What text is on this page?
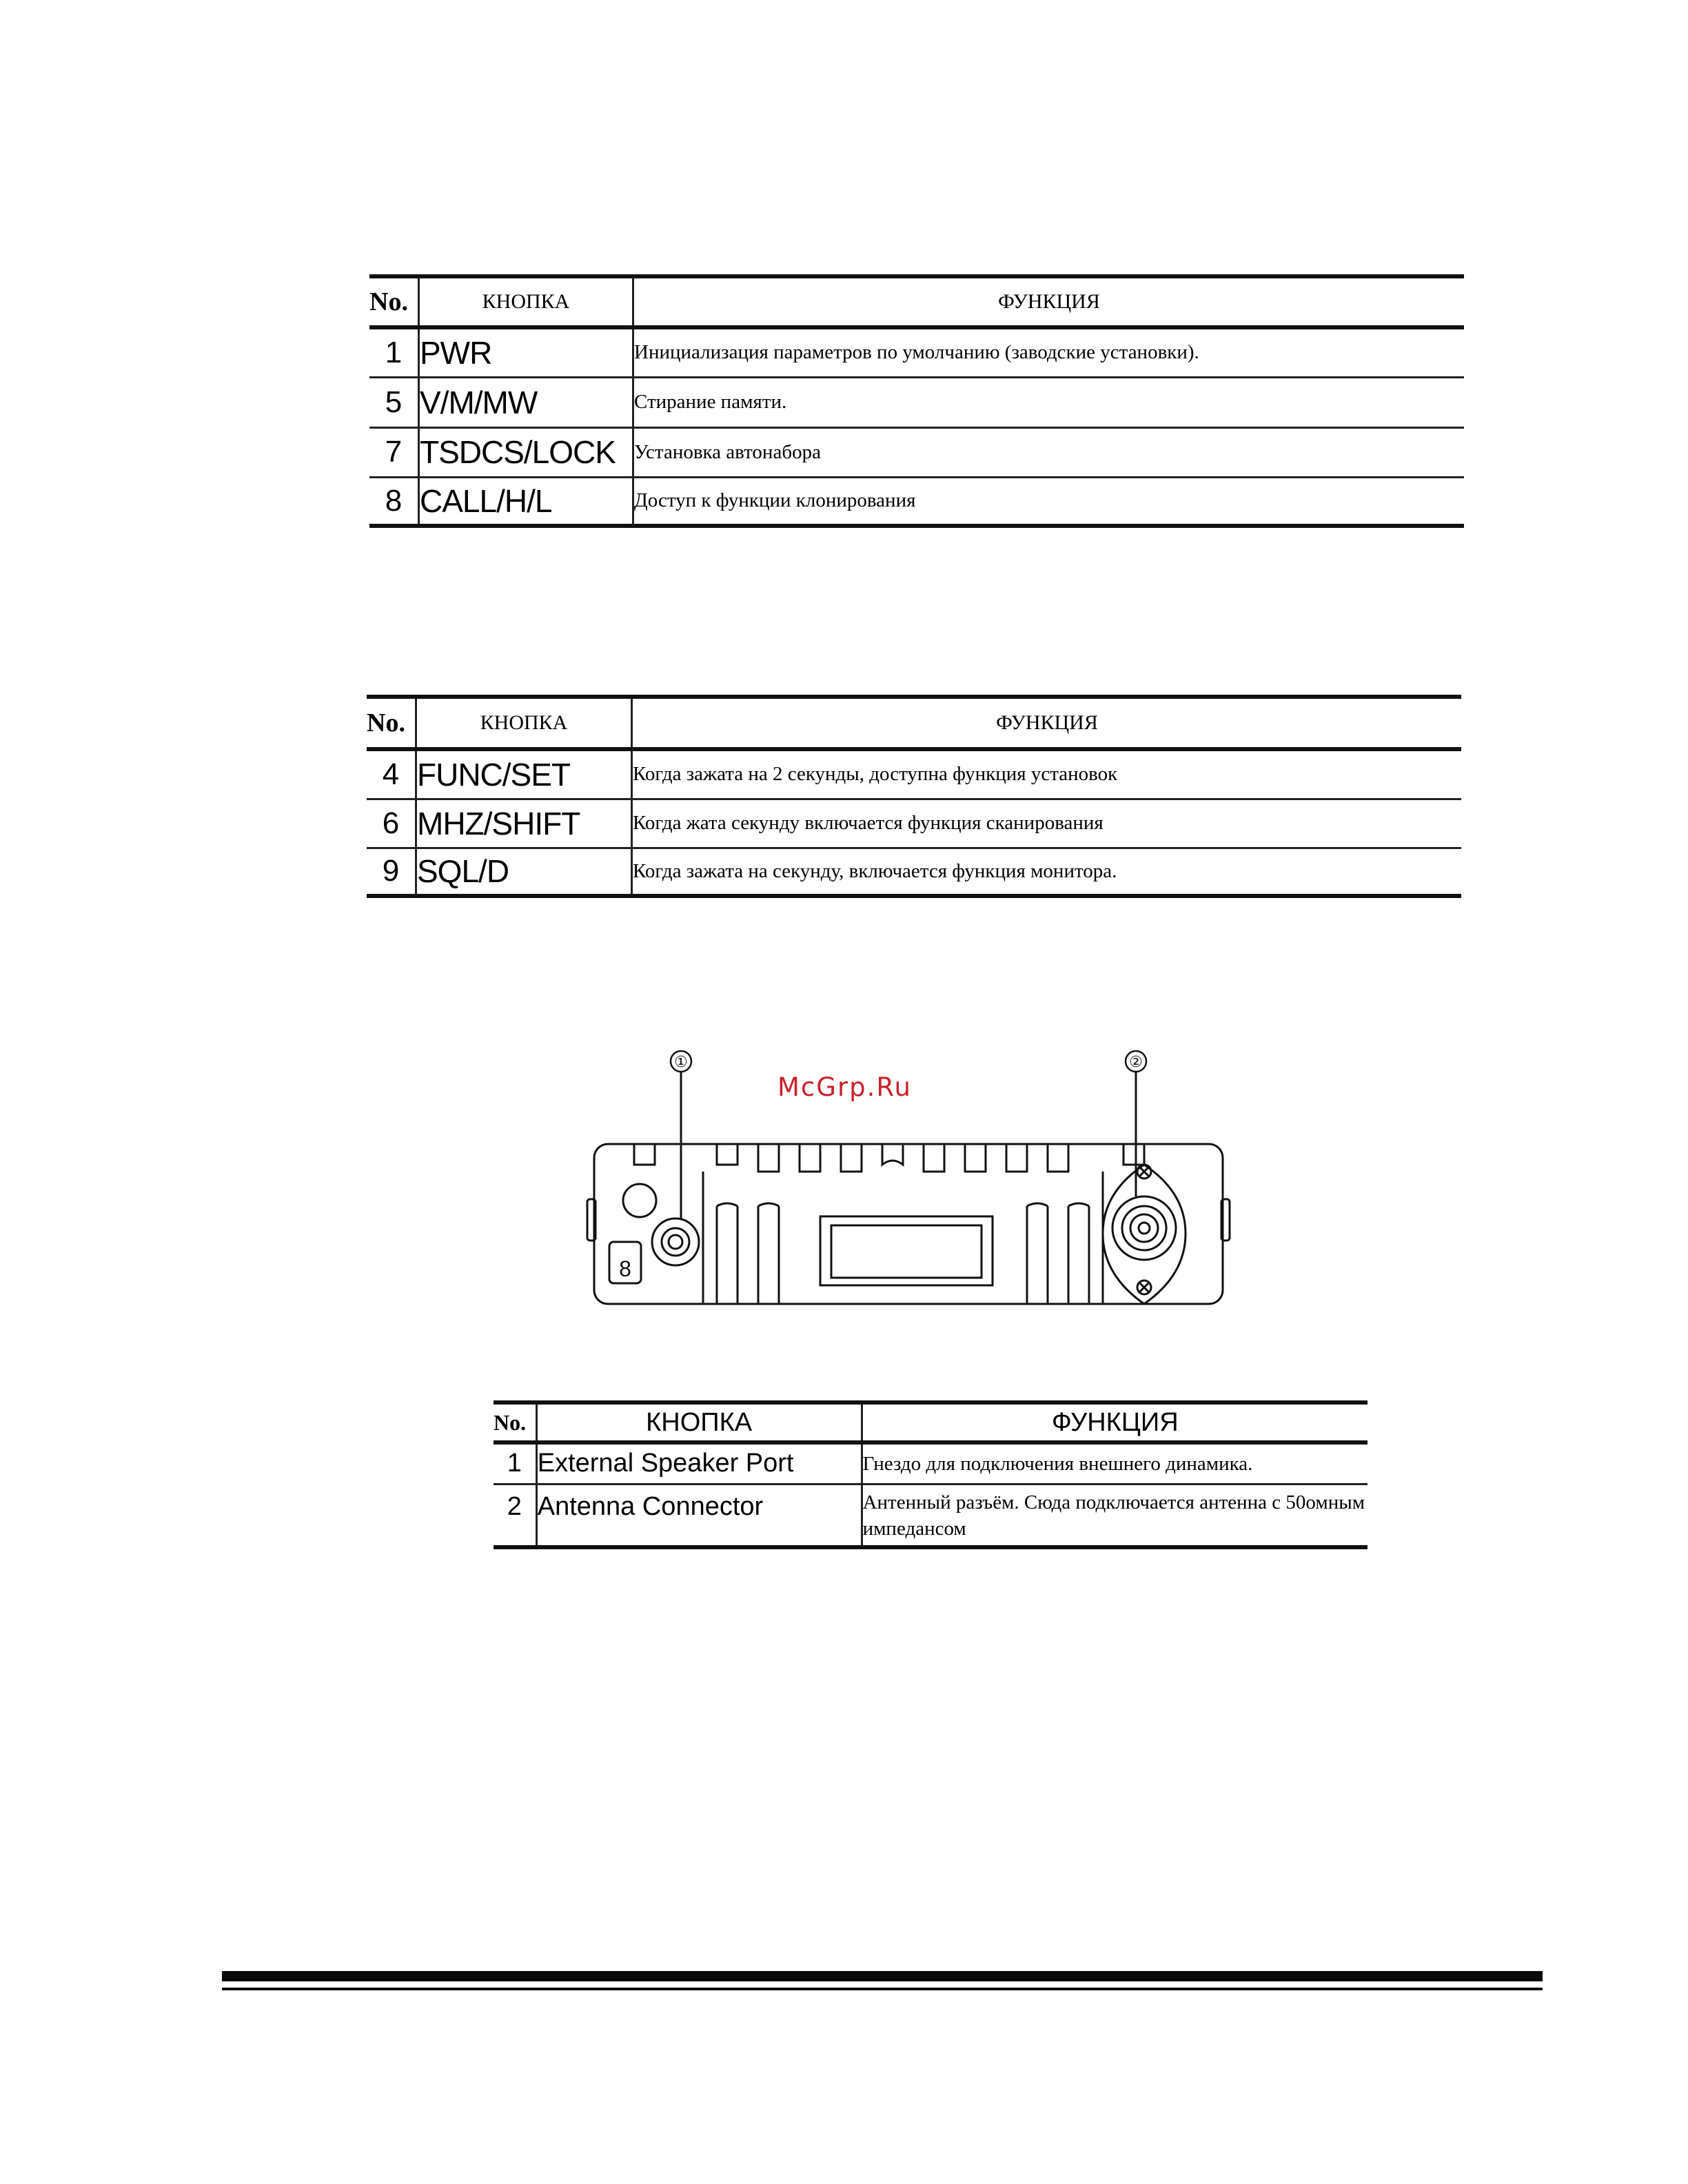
No.	КНОПКА	ФУНКЦИЯ
1	PWR	Инициализация параметров по умолчанию (заводские установки).
5	V/M/MW	Стирание памяти.
7	TSDCS/LOCK	Установка автонабора
8	CALL/H/L	Доступ к функции клонирования
No.	КНОПКА	ФУНКЦИЯ
4	FUNC/SET	Когда зажата на 2 секунды, доступна функция установок
6	MHZ/SHIFT	Когда жата секунду включается функция сканирования
9	SQL/D	Когда зажата на секунду, включается функция монитора.
McGrp.Ru
8
①	②
No.	КНОПКА	ФУНКЦИЯ
1	External Speaker Port	Гнездо для подключения внешнего динамика.
2	Antenna Connector	Антенный разъём. Сюда подключается антенна с 50омным импедансом
